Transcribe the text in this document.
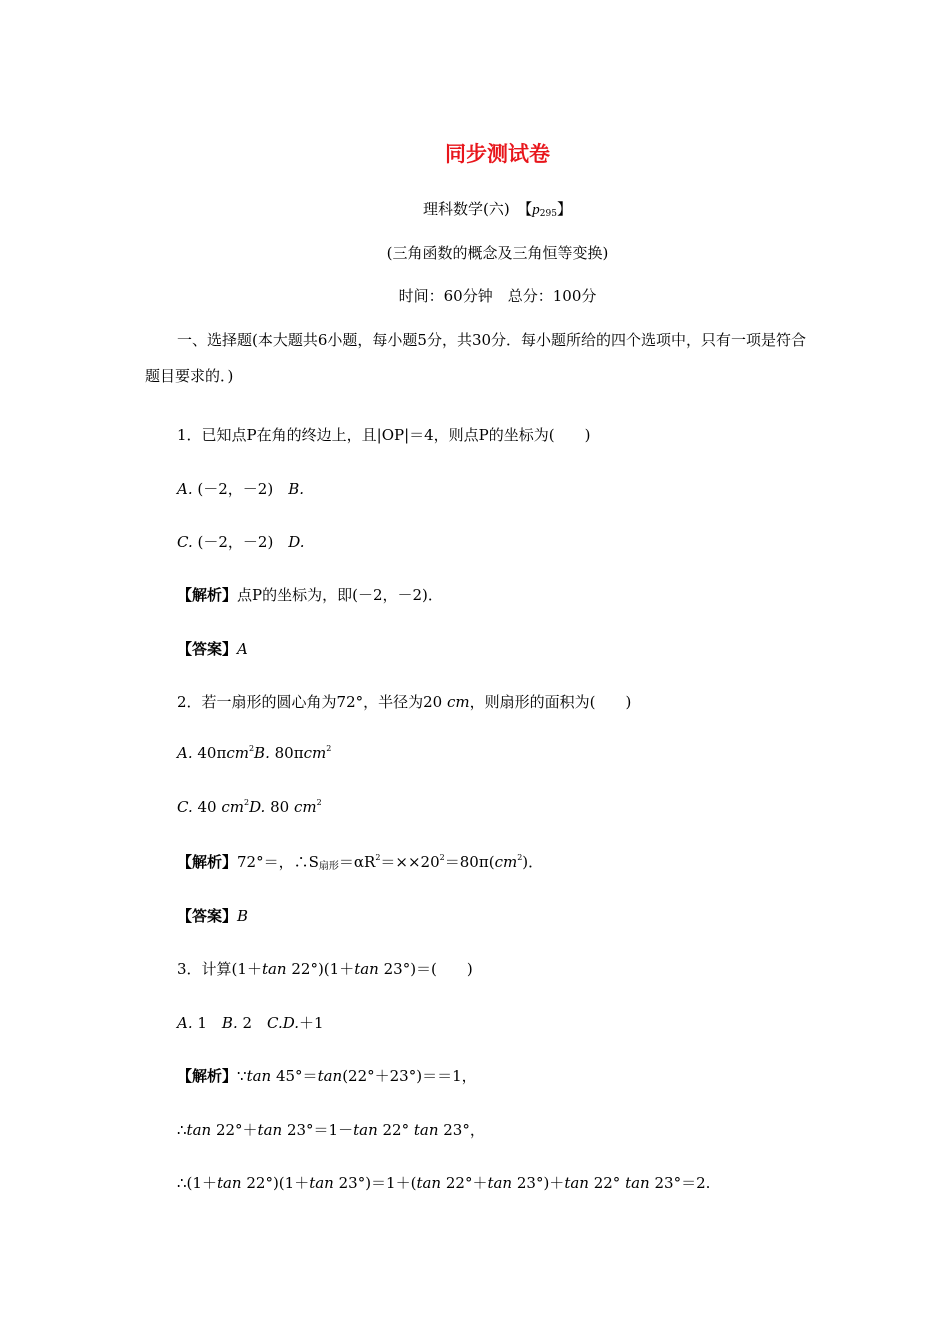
同步测试卷
理科数学(六)　【$p_{295}$】
(三角函数的概念及三角恒等变换)
时间：60分钟　总分：100分
一、选择题(本大题共6小题，每小题5分，共30分．每小题所给的四个选项中，只有一项是符合题目要求的．)
1．已知点P在角的终边上，且|OP|＝4，则点P的坐标为(　　)
A. (－2，－2)　B.
C. (－2，－2)　D.
【解析】点P的坐标为，即(－2，－2)．
【答案】A
2．若一扇形的圆心角为72°，半径为20 cm，则扇形的面积为(　　)
A. 40πcm$^2$B. 80πcm$^2$
C. 40 $cm^2D$. 80 $cm^2$
【解析】72°＝，$\therefore S_{扇形}=\alpha R^2=\times\times 20^2=80\pi(cm^2)$．
【答案】B
3．计算(1＋tan 22°)(1＋tan 23°)＝(　　)
A. 1　B. 2　C.D.＋1
【解析】∵tan 45°＝tan(22°＋23°)＝＝1，
∴tan 22°＋tan 23°＝1－tan 22° tan 23°，
∴(1＋tan 22°)(1＋tan 23°)＝1＋(tan 22°＋tan 23°)＋tan 22° tan 23°＝2.
